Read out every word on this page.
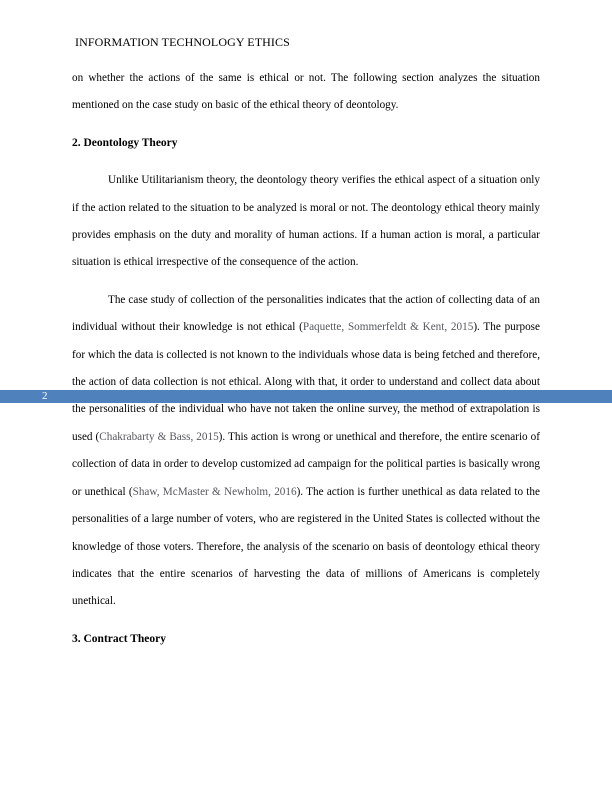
INFORMATION TECHNOLOGY ETHICS

on whether the actions of the same is ethical or not. The following section analyzes the situation mentioned on the case study on basic of the ethical theory of deontology.

2. Deontology Theory

Unlike Utilitarianism theory, the deontology theory verifies the ethical aspect of a situation only if the action related to the situation to be analyzed is moral or not. The deontology ethical theory mainly provides emphasis on the duty and morality of human actions. If a human action is moral, a particular situation is ethical irrespective of the consequence of the action.

The case study of collection of the personalities indicates that the action of collecting data of an individual without their knowledge is not ethical (Paquette, Sommerfeldt & Kent, 2015). The purpose for which the data is collected is not known to the individuals whose data is being fetched and therefore, the action of data collection is not ethical. Along with that, it order to understand and collect data about the personalities of the individual who have not taken the online survey, the method of extrapolation is used (Chakrabarty & Bass, 2015). This action is wrong or unethical and therefore, the entire scenario of collection of data in order to develop customized ad campaign for the political parties is basically wrong or unethical (Shaw, McMaster & Newholm, 2016). The action is further unethical as data related to the personalities of a large number of voters, who are registered in the United States is collected without the knowledge of those voters. Therefore, the analysis of the scenario on basis of deontology ethical theory indicates that the entire scenarios of harvesting the data of millions of Americans is completely unethical.

3. Contract Theory
2
